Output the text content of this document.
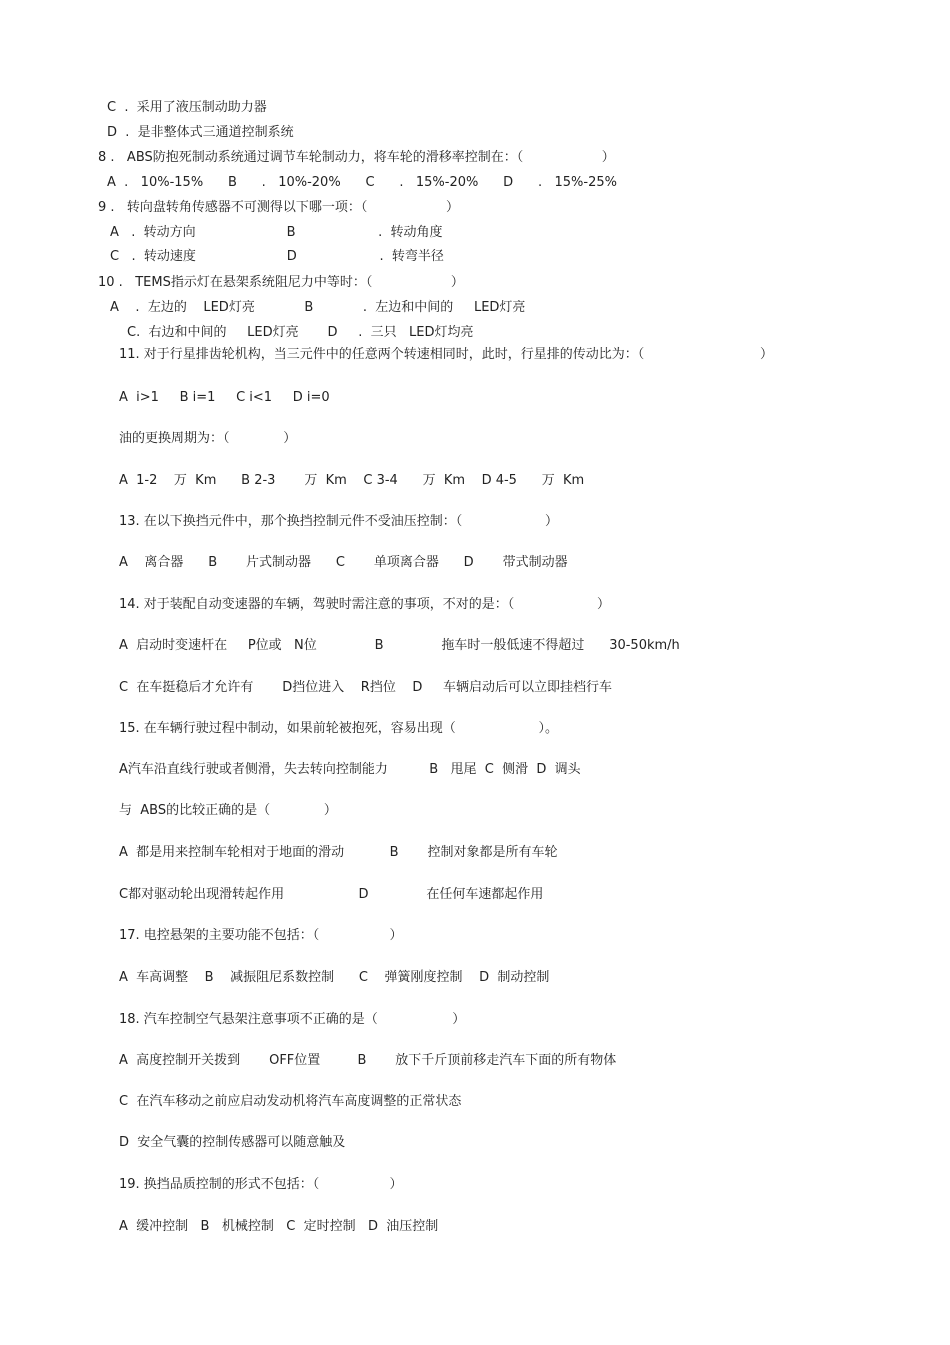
C  .  采用了液压制动助力器
D  .  是非整体式三通道控制系统
8 .   ABS防抱死制动系统通过调节车轮制动力，将车轮的滑移率控制在：（                   ）
A  .   10%-15%      B      .   10%-20%      C      .   15%-20%      D      .   15%-25%
9 .   转向盘转角传感器不可测得以下哪一项：（                   ）
A   .  转动方向                      B                    .  转动角度
C   .  转动速度                      D                    .  转弯半径
10 .   TEMS指示灯在悬架系统阻尼力中等时：（                   ）
A    .  左边的    LED灯亮            B            .  左边和中间的     LED灯亮
C.  右边和中间的     LED灯亮       D     .  三只   LED灯均亮
11. 对于行星排齿轮机构，当三元件中的任意两个转速相同时，此时，行星排的传动比为：（                            ）
A  i>1     B i=1     C i<1     D i=0
油的更换周期为：（             ）
A  1-2    万  Km      B 2-3       万  Km    C 3-4      万  Km    D 4-5      万  Km
13. 在以下换挡元件中，那个换挡控制元件不受油压控制：（                    ）
A    离合器      B       片式制动器      C       单项离合器      D       带式制动器
14. 对于装配自动变速器的车辆，驾驶时需注意的事项，不对的是：（                    ）
A  启动时变速杆在     P位或   N位              B              拖车时一般低速不得超过      30-50km/h
C  在车挺稳后才允许有       D挡位进入    R挡位    D     车辆启动后可以立即挂档行车
15. 在车辆行驶过程中制动，如果前轮被抱死，容易出现（                    ）。
A汽车沿直线行驶或者侧滑，失去转向控制能力          B   甩尾  C  侧滑  D  调头
与  ABS的比较正确的是（             ）
A  都是用来控制车轮相对于地面的滑动           B       控制对象都是所有车轮
C都对驱动轮出现滑转起作用                  D              在任何车速都起作用
17. 电控悬架的主要功能不包括：（                 ）
A  车高调整    B    减振阻尼系数控制      C    弹簧刚度控制    D  制动控制
18. 汽车控制空气悬架注意事项不正确的是（                  ）
A  高度控制开关拨到       OFF位置         B       放下千斤顶前移走汽车下面的所有物体
C  在汽车移动之前应启动发动机将汽车高度调整的正常状态
D  安全气囊的控制传感器可以随意触及
19. 换挡品质控制的形式不包括：（                 ）
A  缓冲控制   B   机械控制   C  定时控制   D  油压控制
